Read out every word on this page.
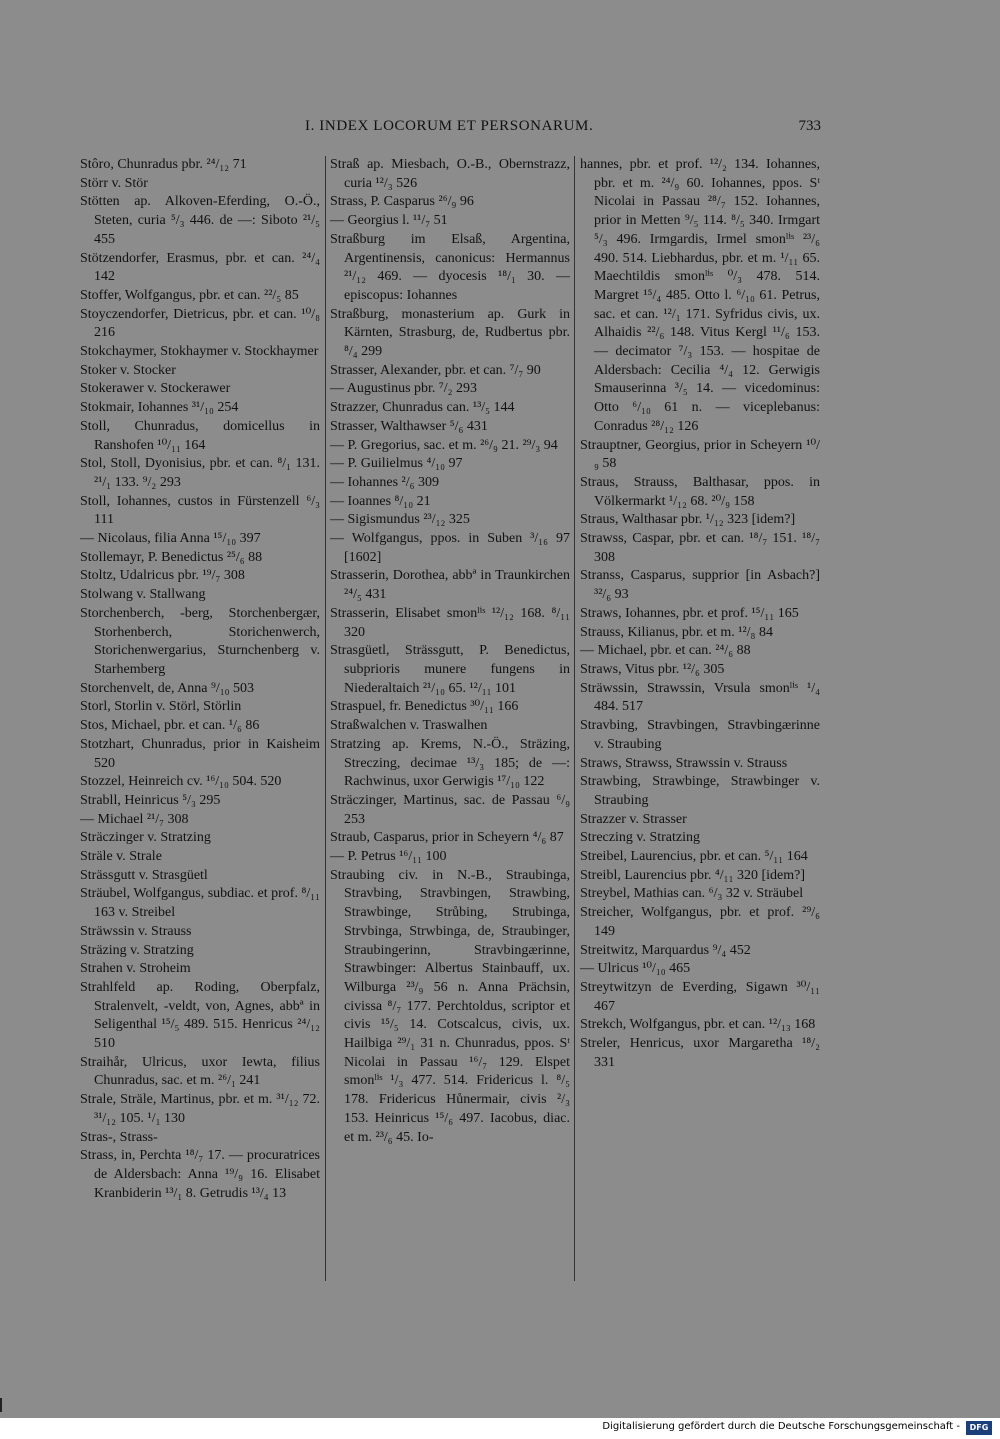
I. INDEX LOCORUM ET PERSONARUM.	733
Stôro, Chunradus pbr. ²⁴/₁₂ 71
Störr v. Stör
Stötten ap. Alkoven-Eferding, O.-Ö., Steten, curia ⁵/₃ 446. de —: Siboto ²¹/₅ 455
Stötzendorfer, Erasmus, pbr. et can. ²⁴/₄ 142
Stoffer, Wolfgangus, pbr. et can. ²²/₅ 85
Stoyczendorfer, Dietricus, pbr. et can. ¹⁰/₈ 216
Stokchaymer, Stokhaymer v. Stockhaymer
Stoker v. Stocker
Stokerawer v. Stockerawer
Stokmair, Iohannes ³¹/₁₀ 254
Stoll, Chunradus, domicellus in Ranshofen ¹⁰/₁₁ 164
Stol, Stoll, Dyonisius, pbr. et can. ⁸/₁ 131. ²¹/₁ 133. ⁹/₂ 293
Stoll, Iohannes, custos in Fürstenzell ⁶/₃ 111
— Nicolaus, filia Anna ¹⁵/₁₀ 397
Stollemayr, P. Benedictus ²⁵/₆ 88
Stoltz, Udalricus pbr. ¹⁹/₇ 308
Stolwang v. Stallwang
Storchenberch, -berg, Storchenbergær, Storhenberch, Storichenwerch, Storichenwergarius, Sturnchenberg v. Starhemberg
Storchenvelt, de, Anna ⁹/₁₀ 503
Storl, Storlin v. Störl, Störlin
Stos, Michael, pbr. et can. ¹/₆ 86
Stotzhart, Chunradus, prior in Kaisheim 520
Stozzel, Heinreich cv. ¹⁶/₁₀ 504. 520
Strabll, Heinricus ⁵/₃ 295
— Michael ²¹/₇ 308
Sträczinger v. Stratzing
Sträle v. Strale
Strässgutt v. Strasgüetl
Sträubel, Wolfgangus, subdiac. et prof. ⁸/₁₁ 163 v. Streibel
Sträwssin v. Strauss
Sträzing v. Stratzing
Strahen v. Stroheim
Strahlfeld ap. Roding, Oberpfalz, Stralenvelt, -veldt, von, Agnes, abbª in Seligenthal ¹⁵/₅ 489. 515. Henricus ²⁴/₁₂ 510
Straihår, Ulricus, uxor Iewta, filius Chunradus, sac. et m. ²⁶/₁ 241
Strale, Sträle, Martinus, pbr. et m. ³¹/₁₂ 72. ³¹/₁₂ 105. ¹/₁ 130
Stras-, Strass-
Strass, in, Perchta ¹⁸/₇ 17. — procuratrices de Aldersbach: Anna ¹⁹/₉ 16. Elisabet Kranbiderin ¹³/₁ 8. Getrudis ¹³/₄ 13
Straß ap. Miesbach, O.-B., Obernstrazz, curia ¹²/₃ 526
Strass, P. Casparus ²⁶/₉ 96
— Georgius l. ¹¹/₇ 51
Straßburg im Elsaß, Argentina, Argentinensis, canonicus: Hermannus ²¹/₁₂ 469. — dyocesis ¹⁸/₁ 30. — episcopus: Iohannes
Straßburg, monasterium ap. Gurk in Kärnten, Strasburg, de, Rudbertus pbr. ⁸/₄ 299
Strasser, Alexander, pbr. et can. ⁷/₇ 90
— Augustinus pbr. ⁷/₂ 293
Strazzer, Chunradus can. ¹³/₅ 144
Strasser, Walthawser ⁵/₆ 431
— P. Gregorius, sac. et m. ²⁶/₉ 21. ²⁹/₃ 94
— P. Guilielmus ⁴/₁₀ 97
— Iohannes ²/₆ 309
— Ioannes ⁸/₁₀ 21
— Sigismundus ²³/₁₂ 325
— Wolfgangus, ppos. in Suben ³/₁₆ 97 [1602]
Strasserin, Dorothea, abbª in Traunkirchen ²⁴/₅ 431
Strasserin, Elisabet smonˡⁱˢ ¹²/₁₂ 168. ⁸/₁₁ 320
Strasgüetl, Strässgutt, P. Benedictus, subprioris munere fungens in Niederaltaich ²¹/₁₀ 65. ¹²/₁₁ 101
Straspuel, fr. Benedictus ³⁰/₁₁ 166
Straßwalchen v. Traswalhen
Stratzing ap. Krems, N.-Ö., Sträzing, Streczing, decimae ¹³/₃ 185; de —: Rachwinus, uxor Gerwigis ¹⁷/₁₀ 122
Sträczinger, Martinus, sac. de Passau ⁶/₉ 253
Straub, Casparus, prior in Scheyern ⁴/₆ 87
— P. Petrus ¹⁶/₁₁ 100
Straubing civ. in N.-B., Straubinga, Stravbing, Stravbingen, Strawbing, Strawbinge, Strůbing, Strubinga, Strvbinga, Strwbinga, de, Straubinger, Straubingerinn, Stravbingærinne, Strawbinger: Albertus Stainbauff, ux. Wilburga ²³/₉ 56 n. Anna Prächsin, civissa ⁸/₇ 177. Perchtoldus, scriptor et civis ¹⁵/₅ 14. Cotscalcus, civis, ux. Hailbiga ²⁹/₁ 31 n. Chunradus, ppos. Sᵗ Nicolai in Passau ¹⁶/₇ 129. Elspet smonˡⁱˢ ¹/₃ 477. 514. Fridericus l. ⁸/₅ 178. Fridericus Hůnermair, civis ²/₃ 153. Heinricus ¹⁵/₆ 497. Iacobus, diac. et m. ²³/₆ 45. Io-
hannes, pbr. et prof. ¹²/₂ 134. Iohannes, pbr. et m. ²⁴/₉ 60. Iohannes, ppos. Sᵗ Nicolai in Passau ²⁸/₇ 152. Iohannes, prior in Metten ⁹/₅ 114. ⁸/₅ 340. Irmgart ⁵/₃ 496. Irmgardis, Irmel smonˡⁱˢ ²³/₆ 490. 514. Liebhardus, pbr. et m. ¹/₁₁ 65. Maechtildis smonˡⁱˢ ⁰/₃ 478. 514. Margret ¹⁵/₄ 485. Otto l. ⁶/₁₀ 61. Petrus, sac. et can. ¹²/₁ 171. Syfridus civis, ux. Alhaidis ²²/₆ 148. Vitus Kergl ¹¹/₆ 153. — decimator ⁷/₃ 153. — hospitae de Aldersbach: Cecilia ⁴/₄ 12. Gerwigis Smauserinna ³/₅ 14. — vicedominus: Otto ⁶/₁₀ 61 n. — viceplebanus: Conradus ²⁸/₁₂ 126
Strauptner, Georgius, prior in Scheyern ¹⁰/₉ 58
Straus, Strauss, Balthasar, ppos. in Völkermarkt ¹/₁₂ 68. ²⁰/₉ 158
Straus, Walthasar pbr. ¹/₁₂ 323 [idem?]
Strawss, Caspar, pbr. et can. ¹⁸/₇ 151. ¹⁸/₇ 308
Stranss, Casparus, supprior [in Asbach?] ³²/₆ 93
Straws, Iohannes, pbr. et prof. ¹⁵/₁₁ 165
Strauss, Kilianus, pbr. et m. ¹²/₈ 84
— Michael, pbr. et can. ²⁴/₆ 88
Straws, Vitus pbr. ¹²/₆ 305
Sträwssin, Strawssin, Vrsula smonˡⁱˢ ¹/₄ 484. 517
Stravbing, Stravbingen, Stravbingærinne v. Straubing
Straws, Strawss, Strawssin v. Strauss
Strawbing, Strawbinge, Strawbinger v. Straubing
Strazzer v. Strasser
Streczing v. Stratzing
Streibel, Laurencius, pbr. et can. ⁵/₁₁ 164
Streibl, Laurencius pbr. ⁴/₁₁ 320 [idem?]
Streybel, Mathias can. ⁶/₃ 32 v. Sträubel
Streicher, Wolfgangus, pbr. et prof. ²⁹/₆ 149
Streitwitz, Marquardus ⁹/₄ 452
— Ulricus ¹⁰/₁₀ 465
Streytwitzyn de Everding, Sigawn ³⁰/₁₁ 467
Strekch, Wolfgangus, pbr. et can. ¹²/₁₃ 168
Streler, Henricus, uxor Margaretha ¹⁸/₂ 331
Digitalisierung gefördert durch die Deutsche Forschungsgemeinschaft -	DFG
